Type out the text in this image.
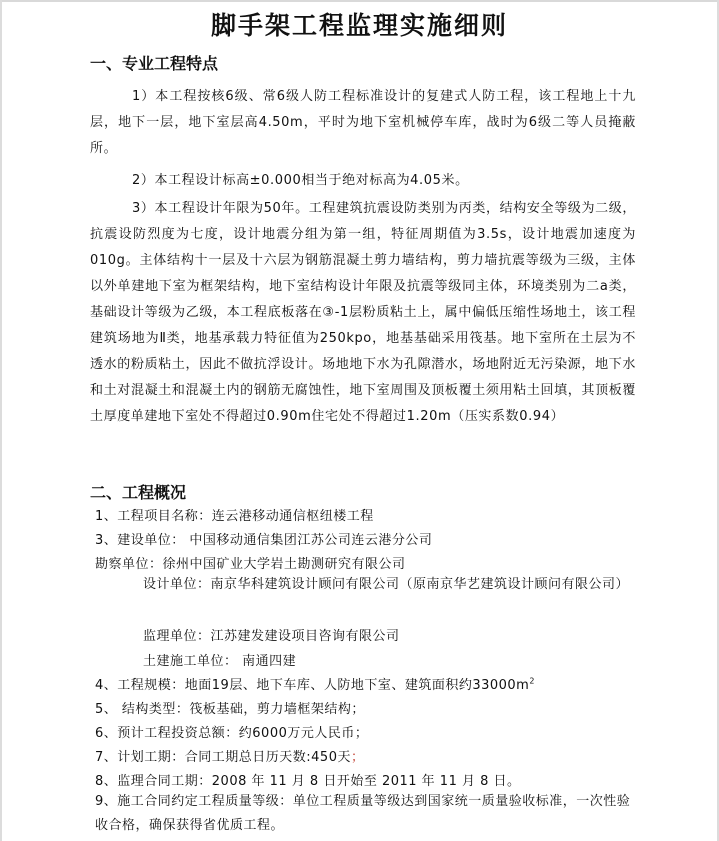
脚手架工程监理实施细则
一、专业工程特点

1）本工程按核6级、常6级人防工程标准设计的复建式人防工程，该工程地上十九层，地下一层，地下室层高4.50m，平时为地下室机械停车库，战时为6级二等人员掩蔽所。

2）本工程设计标高±0.000相当于绝对标高为4.05米。

3）本工程设计年限为50年。工程建筑抗震设防类别为丙类，结构安全等级为二级，抗震设防烈度为七度，设计地震分组为第一组，特征周期值为3.5s，设计地震加速度为010g。主体结构十一层及十六层为钢筋混凝土剪力墙结构，剪力墙抗震等级为三级，主体以外单建地下室为框架结构，地下室结构设计年限及抗震等级同主体，环境类别为二a类，基础设计等级为乙级，本工程底板落在③-1层粉质粘土上，属中偏低压缩性场地土，该工程建筑场地为Ⅱ类，地基承载力特征值为250kpo，地基基础采用筏基。地下室所在土层为不透水的粉质粘土，因此不做抗浮设计。场地地下水为孔隙潜水，场地附近无污染源，地下水和土对混凝土和混凝土内的钢筋无腐蚀性，地下室周围及顶板覆土须用粘土回填，其顶板覆土厚度单建地下室处不得超过0.90m住宅处不得超过1.20m（压实系数0.94）

二、工程概况
1、工程项目名称：连云港移动通信枢纽楼工程
3、建设单位： 中国移动通信集团江苏公司连云港分公司
勘察单位：徐州中国矿业大学岩土勘测研究有限公司
设计单位：南京华科建筑设计顾问有限公司（原南京华艺建筑设计顾问有限公司）
监理单位：江苏建发建设项目咨询有限公司
土建施工单位： 南通四建
4、工程规模：地面19层、地下车库、人防地下室、建筑面积约$33000m^2$
5、 结构类型：筏板基础，剪力墙框架结构；
6、预计工程投资总额：约6000万元人民币；
7、计划工期：合同工期总日历天数:450天；
8、监理合同工期：2008 年 11 月 8 日开始至 2011 年 11 月 8 日。
9、施工合同约定工程质量等级：单位工程质量等级达到国家统一质量验收标准，一次性验收合格，确保获得省优质工程。
